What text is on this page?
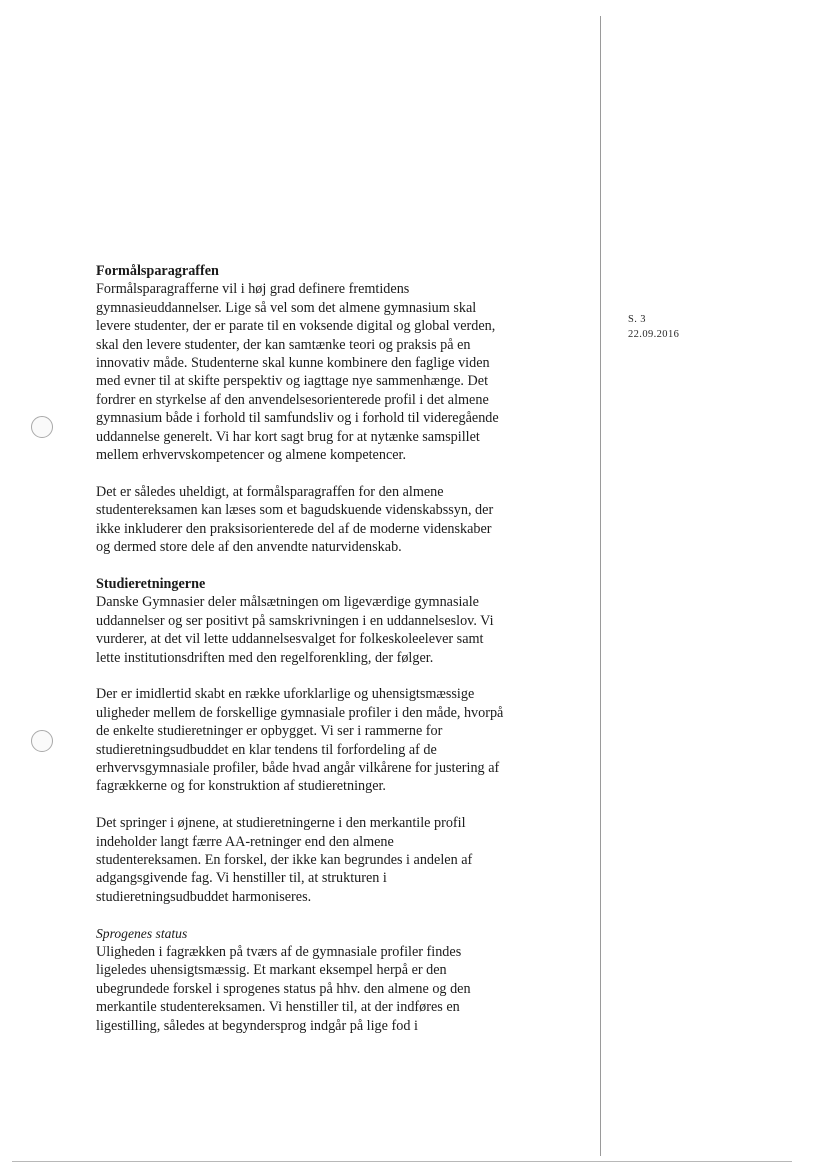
S. 3
22.09.2016
Formålsparagraffen
Formålsparagrafferne vil i høj grad definere fremtidens
gymnasieuddannelser. Lige så vel som det almene gymnasium skal
levere studenter, der er parate til en voksende digital og global verden,
skal den levere studenter, der kan samtænke teori og praksis på en
innovativ måde. Studenterne skal kunne kombinere den faglige viden
med evner til at skifte perspektiv og iagttage nye sammenhænge. Det
fordrer en styrkelse af den anvendelsesorienterede profil i det almene
gymnasium både i forhold til samfundsliv og i forhold til videregående
uddannelse generelt. Vi har kort sagt brug for at nytænke samspillet
mellem erhvervskompetencer og almene kompetencer.
Det er således uheldigt, at formålsparagraffen for den almene
studentereksamen kan læses som et bagudskuende videnskabssyn, der
ikke inkluderer den praksisorienterede del af de moderne videnskaber
og dermed store dele af den anvendte naturvidenskab.
Studieretningerne
Danske Gymnasier deler målsætningen om ligeværdige gymnasiale
uddannelser og ser positivt på samskrivningen i en uddannelseslov. Vi
vurderer, at det vil lette uddannelsesvalget for folkeskoleelever samt
lette institutionsdriften med den regelforenkling, der følger.
Der er imidlertid skabt en række uforklarlige og uhensigtsmæssige
uligheder mellem de forskellige gymnasiale profiler i den måde, hvorpå
de enkelte studieretninger er opbygget. Vi ser i rammerne for
studieretningsudbuddet en klar tendens til forfordeling af de
erhvervsgymnasiale profiler, både hvad angår vilkårene for justering af
fagrækkerne og for konstruktion af studieretninger.
Det springer i øjnene, at studieretningerne i den merkantile profil
indeholder langt færre AA-retninger end den almene
studentereksamen. En forskel, der ikke kan begrundes i andelen af
adgangsgivende fag. Vi henstiller til, at strukturen i
studieretningsudbuddet harmoniseres.
Sprogenes status
Uligheden i fagrækken på tværs af de gymnasiale profiler findes
ligeledes uhensigtsmæssig. Et markant eksempel herpå er den
ubegrundede forskel i sprogenes status på hhv. den almene og den
merkantile studentereksamen. Vi henstiller til, at der indføres en
ligestilling, således at begyndersprog indgår på lige fod i
